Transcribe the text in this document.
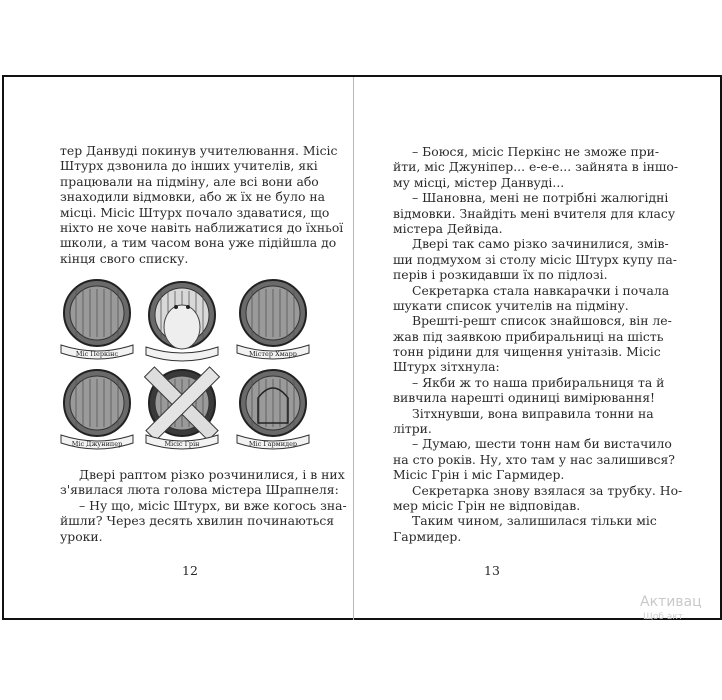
тер Данвуді покинув учителювання. Місіс
Штурх дзвонила до інших учителів, які
працювали на підміну, але всі вони або
знаходили відмовки, або ж їх не було на
місці. Місіс Штурх почало здаватися, що
ніхто не хоче навіть наближатися до їхньої
школи, а тим часом вона уже підійшла до
кінця свого списку.
Міс Перкінс	Містер Хмарр
Міс Джунипер	Місіс Грін	Міс Гармидер
Двері раптом різко розчинилися, і в них
з'явилася люта голова містера Шрапнеля:
– Ну що, місіс Штурх, ви вже когось зна-
йшли? Через десять хвилин починаються
уроки.
– Боюся, місіс Перкінс не зможе при-
йти, міс Джунiпер... е-е-е... зайнята в іншо-
му місці, містер Данвуді...
– Шановна, мені не потрібні жалюгідні
відмовки. Знайдіть мені вчителя для класу
містера Дейвіда.
Двері так само різко зачинилися, змів-
ши подмухом зі столу місіс Штурх купу па-
перів і розкидавши їх по підлозі.
Секретарка стала навкарачки і почала
шукати список учителів на підміну.
Врешті-решт список знайшовся, він ле-
жав під заявкою прибиральниці на шість
тонн рідини для чищення унітазів. Місіс
Штурх зітхнула:
– Якби ж то наша прибиральниця та й
вивчила нарешті одиниці вимірювання!
Зітхнувши, вона виправила тонни на
літри.
– Думаю, шести тонн нам би вистачило
на сто років. Ну, хто там у нас залишився?
Місіс Грін і міс Гармидер.
Секретарка знову взялася за трубку. Но-
мер місіс Грін не відповідав.
Таким чином, залишилася тільки міс
Гармидер.
12	13
Активац
Щоб акт
